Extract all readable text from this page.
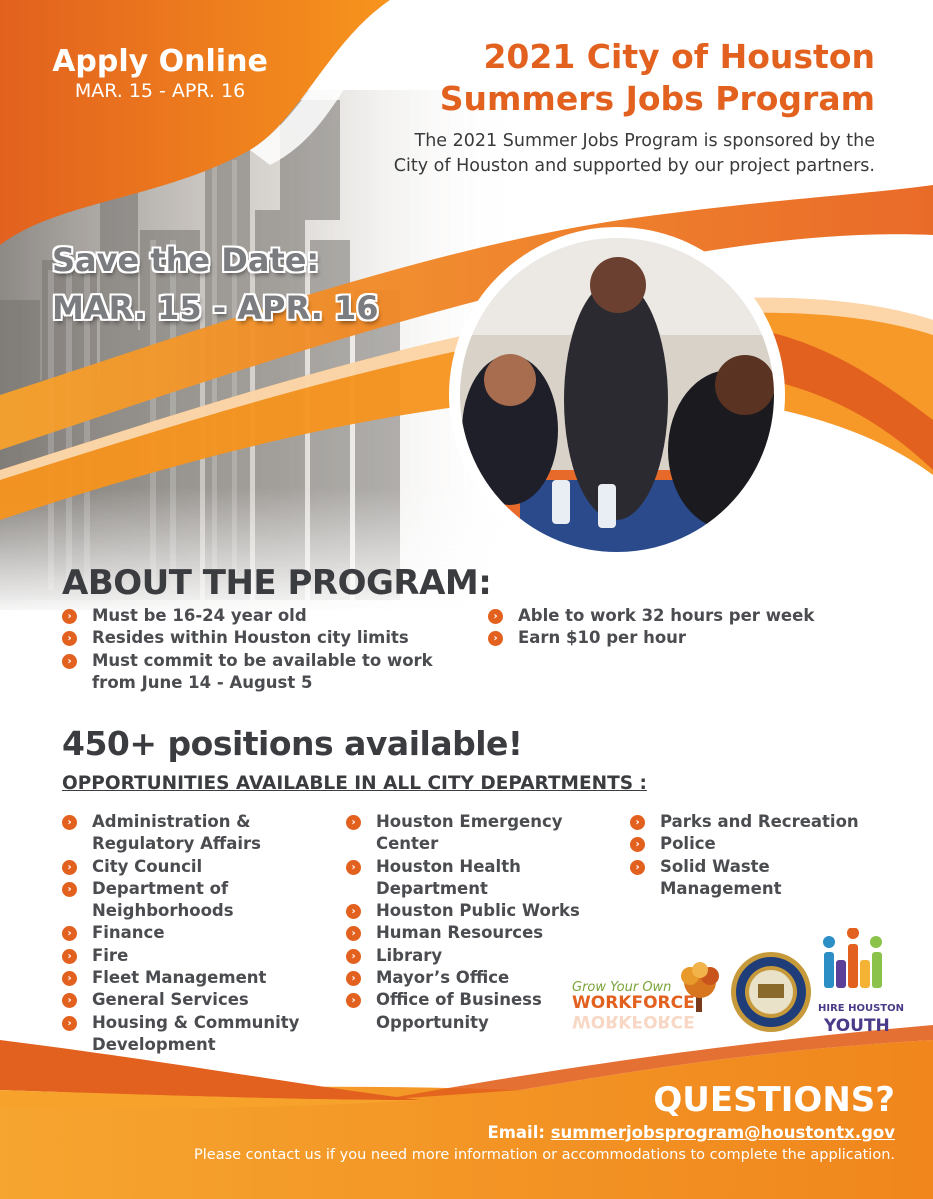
Apply Online
MAR. 15 - APR. 16
2021 City of Houston
Summers Jobs Program
The 2021 Summer Jobs Program is sponsored by the
City of Houston and supported by our project partners.
Save the Date:
MAR. 15 - APR. 16
ABOUT THE PROGRAM:
›	Must be 16-24 year old
›	Resides within Houston city limits
›	Must commit to be available to work from June 14 - August 5
›	Able to work 32 hours per week
›	Earn $10 per hour
450+ positions available!
OPPORTUNITIES AVAILABLE IN ALL CITY DEPARTMENTS :
›	Administration & Regulatory Affairs
›	City Council
›	Department of Neighborhoods
›	Finance
›	Fire
›	Fleet Management
›	General Services
›	Housing & Community Development
›	Houston Emergency Center
›	Houston Health Department
›	Houston Public Works
›	Human Resources
›	Library
›	Mayor’s Office
›	Office of Business Opportunity
›	Parks and Recreation
›	Police
›	Solid Waste Management
Grow Your Own
WORKFORCE
WORKFORCE
HIRE HOUSTON
YOUTH
QUESTIONS?
Email: summerjobsprogram@houstontx.gov
Please contact us if you need more information or accommodations to complete the application.
